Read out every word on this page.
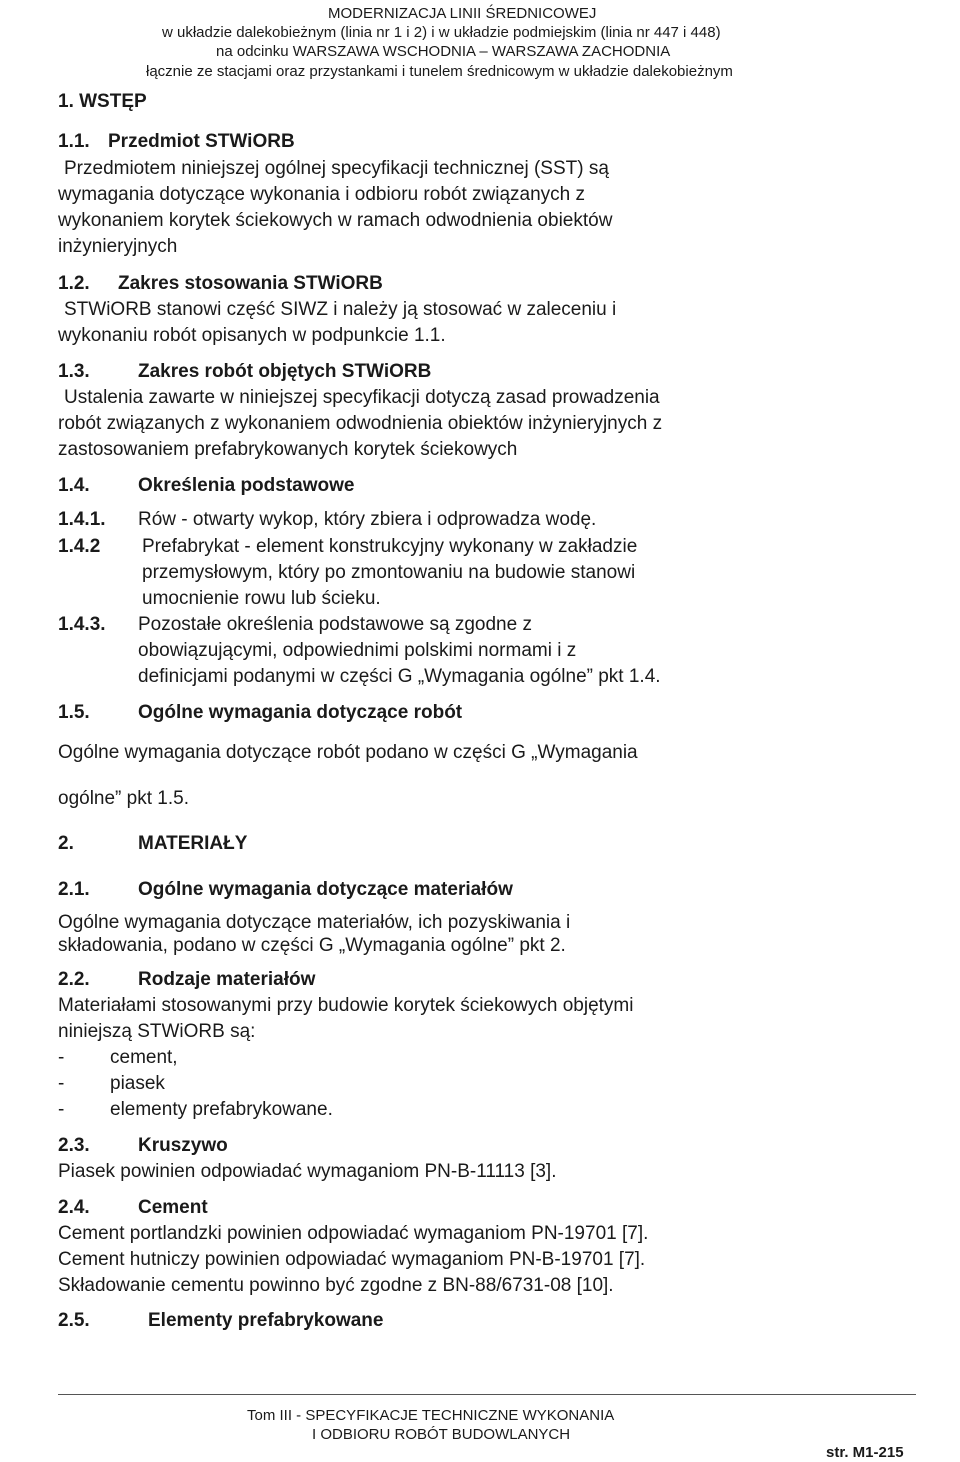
MODERNIZACJA LINII ŚREDNICOWEJ
w układzie dalekobieżnym (linia nr 1 i 2) i w układzie podmiejskim (linia nr 447 i 448)
na odcinku WARSZAWA WSCHODNIA – WARSZAWA ZACHODNIA
łącznie ze stacjami oraz przystankami i tunelem średnicowym w układzie dalekobieżnym
1. WSTĘP
1.1. Przedmiot STWiORB
Przedmiotem niniejszej ogólnej specyfikacji technicznej (SST) są
wymagania dotyczące wykonania i odbioru robót związanych z
wykonaniem korytek ściekowych w ramach odwodnienia obiektów
inżynieryjnych
1.2. Zakres stosowania STWiORB
STWiORB stanowi część SIWZ i należy ją stosować w zaleceniu i
wykonaniu robót opisanych w podpunkcie 1.1.
1.3.	Zakres robót objętych STWiORB
Ustalenia zawarte w niniejszej specyfikacji dotyczą zasad prowadzenia
robót związanych z wykonaniem odwodnienia obiektów inżynieryjnych z
zastosowaniem prefabrykowanych korytek ściekowych
1.4.	Określenia podstawowe
1.4.1. Rów - otwarty wykop, który zbiera i odprowadza wodę.
1.4.2 Prefabrykat - element konstrukcyjny wykonany w zakładzie
przemysłowym, który po zmontowaniu na budowie stanowi
umocnienie rowu lub ścieku.
1.4.3. Pozostałe określenia podstawowe są zgodne z
obowiązującymi, odpowiednimi polskimi normami i z
definicjami podanymi w części G „Wymagania ogólne” pkt 1.4.
1.5.	Ogólne wymagania dotyczące robót
Ogólne wymagania dotyczące robót podano w części G „Wymagania
ogólne” pkt 1.5.
2.	MATERIAŁY
2.1.	Ogólne wymagania dotyczące materiałów
Ogólne wymagania dotyczące materiałów, ich pozyskiwania i
składowania, podano w części G „Wymagania ogólne” pkt 2.
2.2.	Rodzaje materiałów
Materiałami stosowanymi przy budowie korytek ściekowych objętymi
niniejszą STWiORB są:
- cement,
- piasek
- elementy prefabrykowane.
2.3.	Kruszywo
Piasek powinien odpowiadać wymaganiom PN-B-11113 [3].
2.4.	Cement
Cement portlandzki powinien odpowiadać wymaganiom PN-19701 [7].
Cement hutniczy powinien odpowiadać wymaganiom PN-B-19701 [7].
Składowanie cementu powinno być zgodne z BN-88/6731-08 [10].
2.5.	Elementy prefabrykowane
Tom III - SPECYFIKACJE TECHNICZNE WYKONANIA
I ODBIORU ROBÓT BUDOWLANYCH
str. M1-215
